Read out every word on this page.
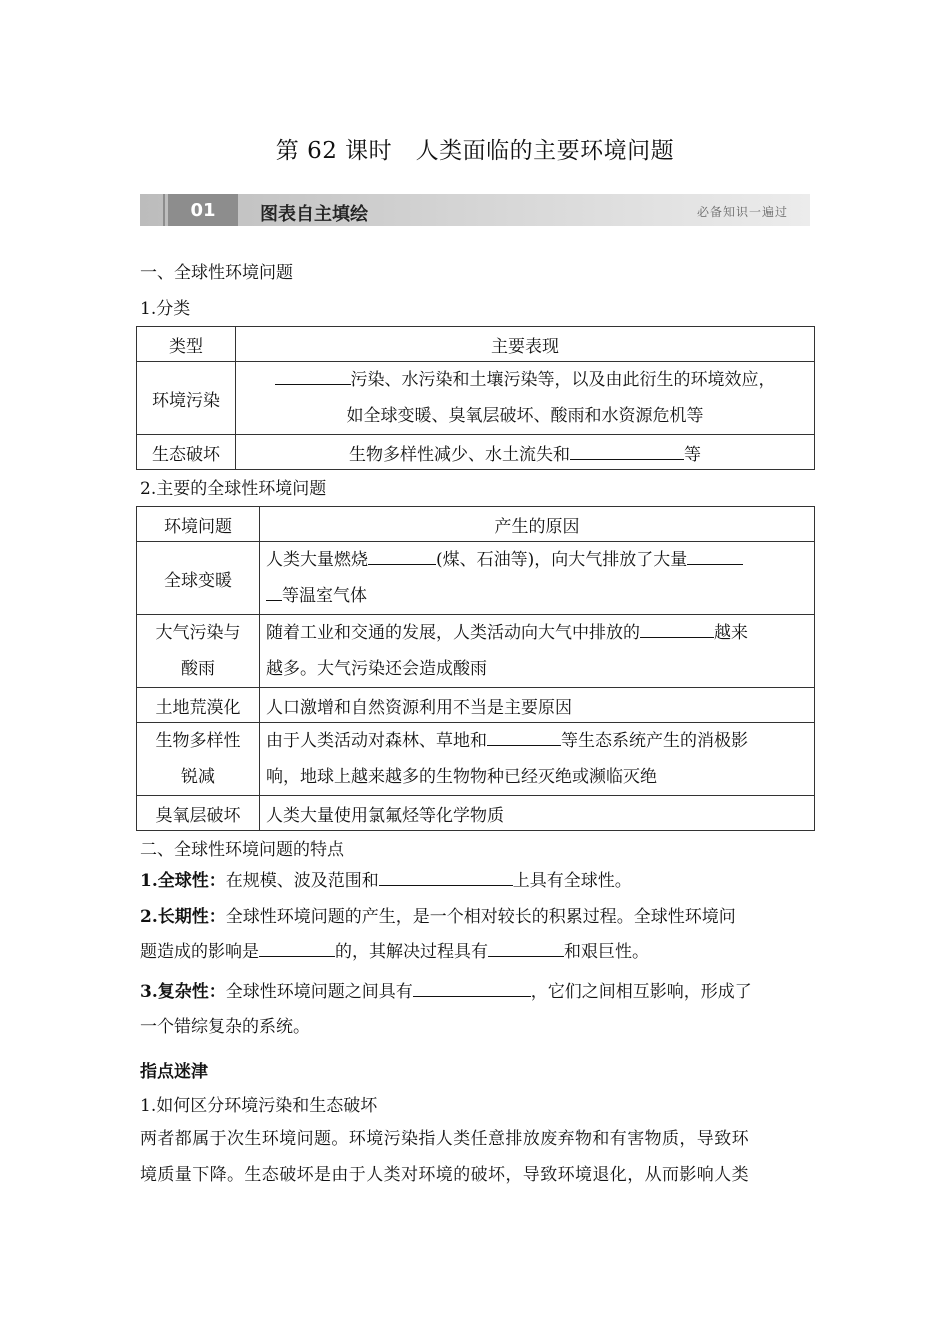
第 62 课时　人类面临的主要环境问题
01	图表自主填绘	必备知识一遍过
一、全球性环境问题
1.分类
类型	主要表现
环境污染	污染、水污染和土壤污染等，以及由此衍生的环境效应，
如全球变暖、臭氧层破坏、酸雨和水资源危机等
生态破坏	生物多样性减少、水土流失和 等
2.主要的全球性环境问题
环境问题	产生的原因
全球变暖	人类大量燃烧 (煤、石油等)，向大气排放了大量
等温室气体
大气污染与
酸雨	随着工业和交通的发展，人类活动向大气中排放的 越来
越多。大气污染还会造成酸雨
土地荒漠化	人口激增和自然资源利用不当是主要原因
生物多样性
锐减	由于人类活动对森林、草地和 等生态系统产生的消极影
响，地球上越来越多的生物物种已经灭绝或濒临灭绝
臭氧层破坏	人类大量使用氯氟烃等化学物质
二、全球性环境问题的特点
1.全球性：在规模、波及范围和	上具有全球性。
2.长期性：全球性环境问题的产生，是一个相对较长的积累过程。全球性环境问
题造成的影响是	的，其解决过程具有	和艰巨性。
3.复杂性：全球性环境问题之间具有	，它们之间相互影响，形成了
一个错综复杂的系统。
指点迷津
1.如何区分环境污染和生态破坏
两者都属于次生环境问题。环境污染指人类任意排放废弃物和有害物质，导致环
境质量下降。生态破坏是由于人类对环境的破坏，导致环境退化，从而影响人类
